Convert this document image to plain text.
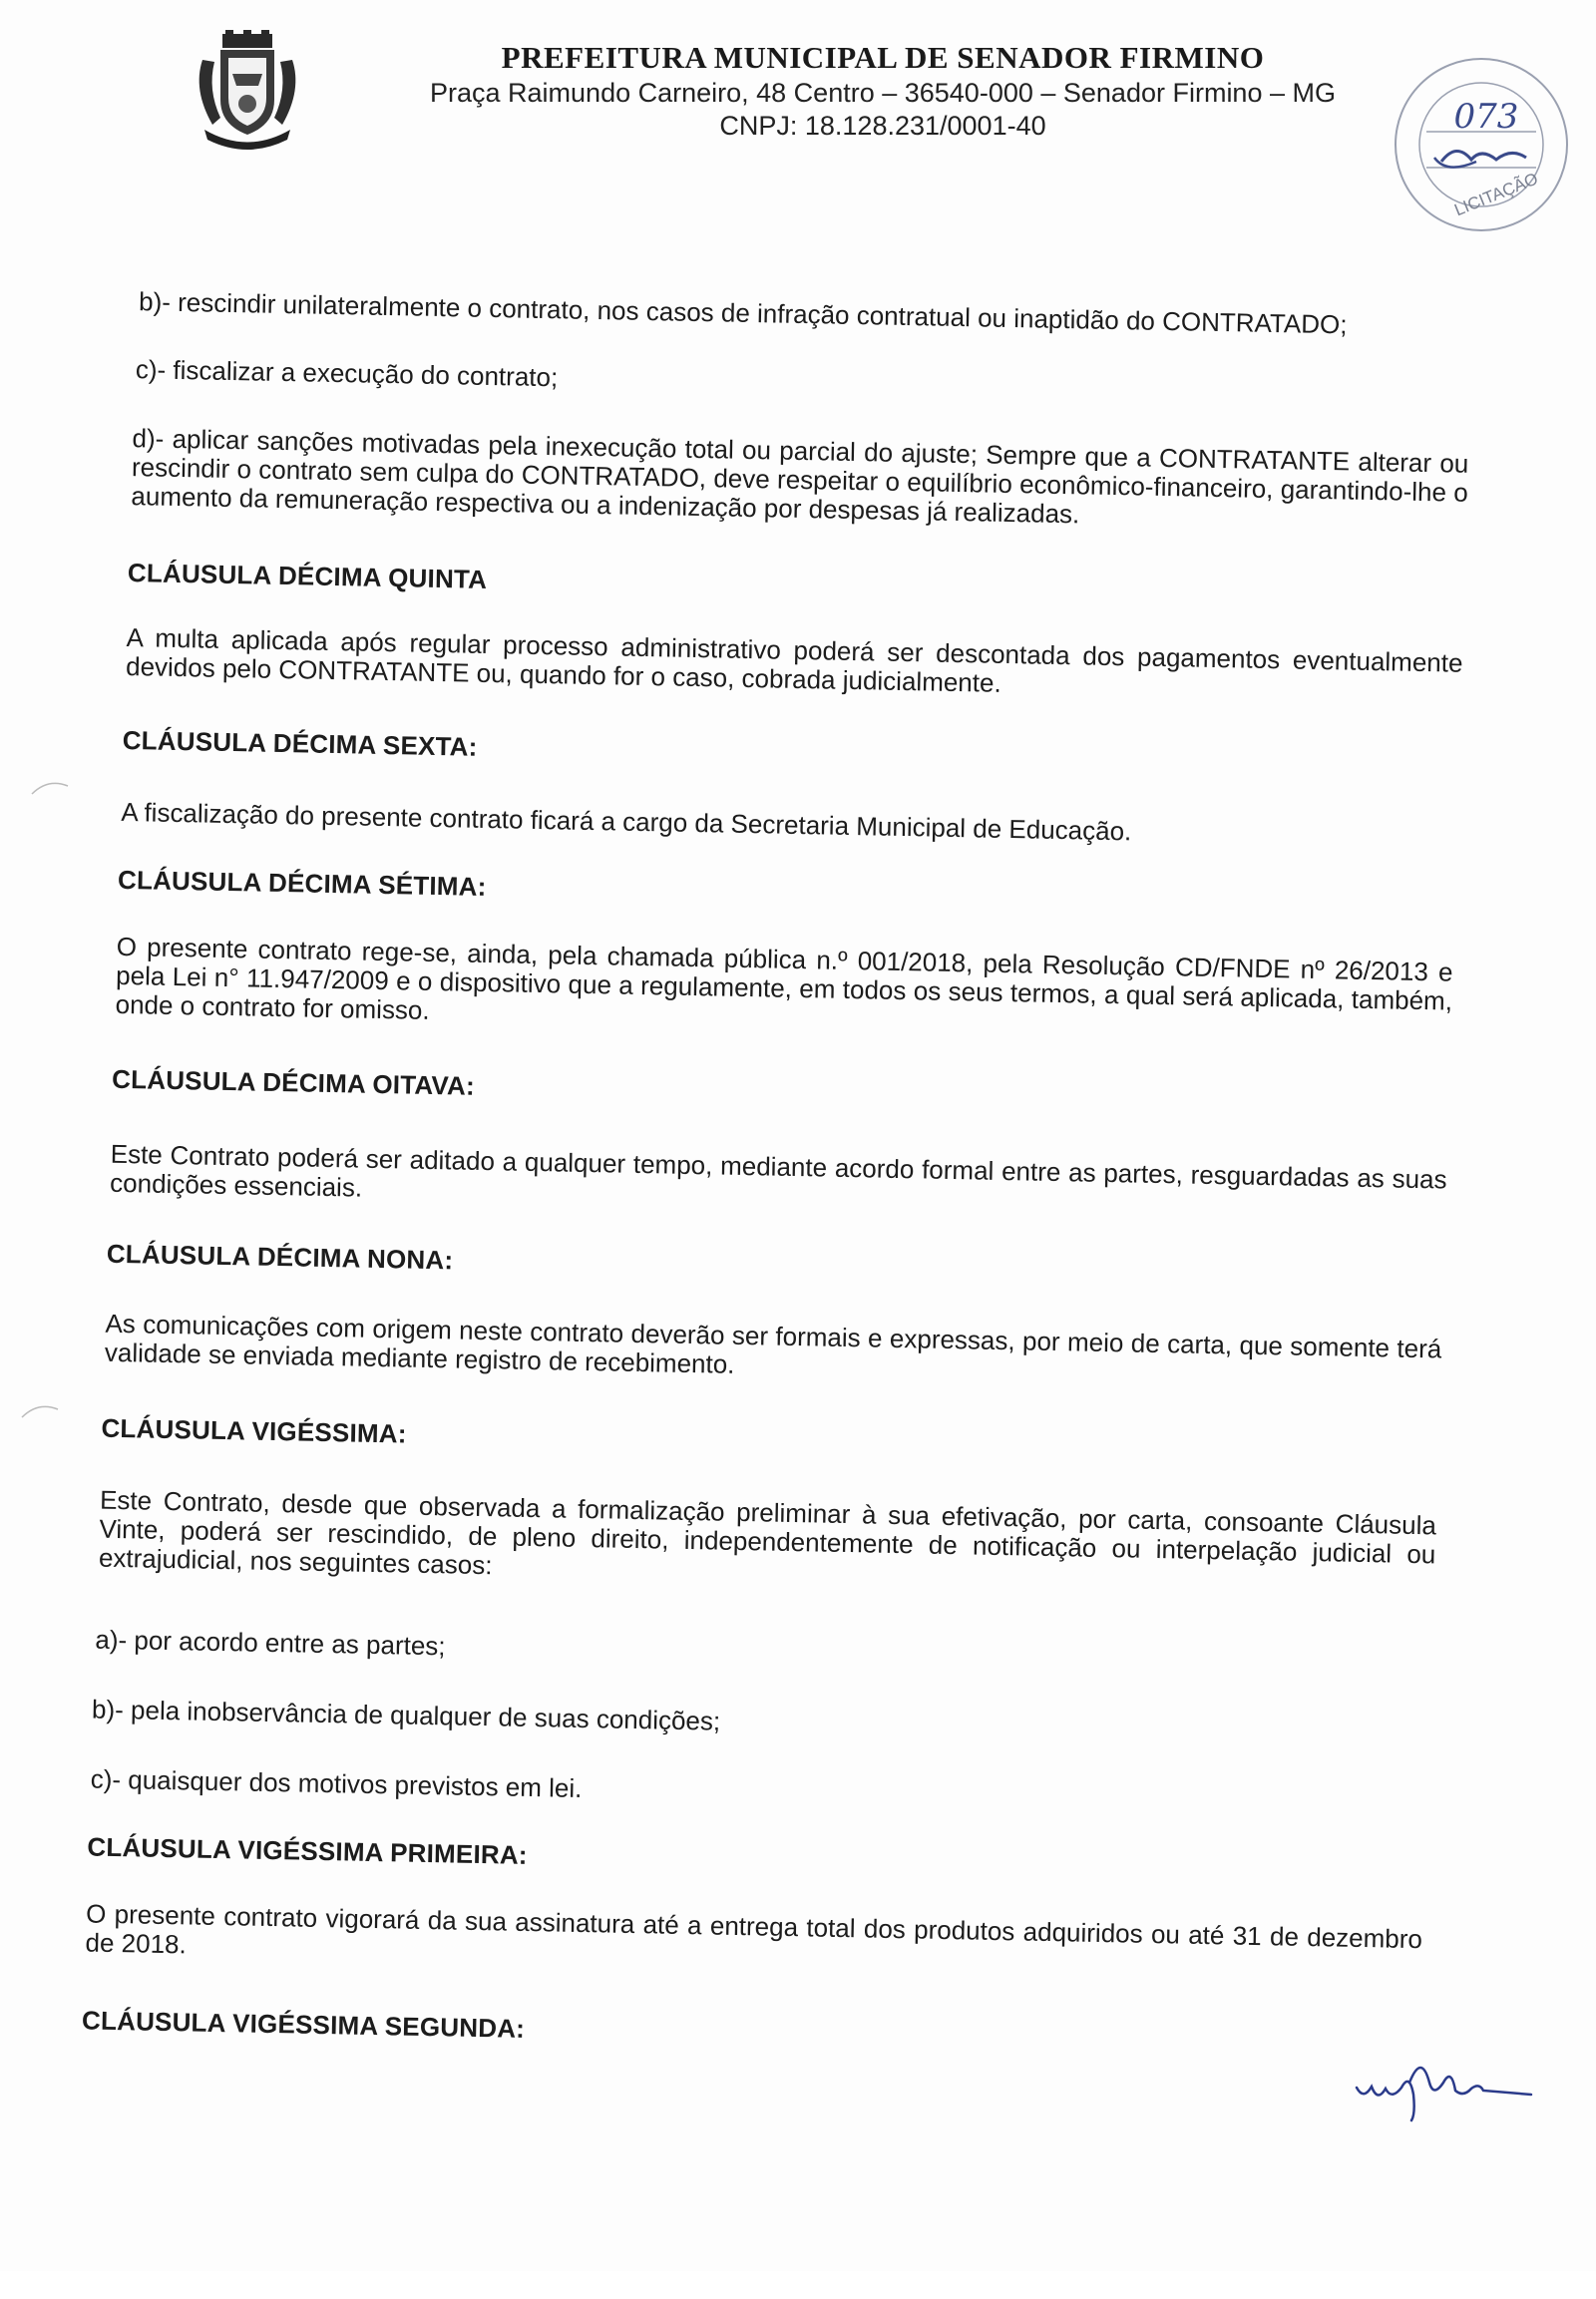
PREFEITURA MUNICIPAL DE SENADOR FIRMINO
Praça Raimundo Carneiro, 48 Centro – 36540-000 – Senador Firmino – MG
CNPJ: 18.128.231/0001-40	073
LICITAÇÃO
b)- rescindir unilateralmente o contrato, nos casos de infração contratual ou inaptidão do CONTRATADO;
c)- fiscalizar a execução do contrato;
d)- aplicar sanções motivadas pela inexecução total ou parcial do ajuste; Sempre que a CONTRATANTE alterar ou rescindir o contrato sem culpa do CONTRATADO, deve respeitar o equilíbrio econômico-financeiro, garantindo-lhe o aumento da remuneração respectiva ou a indenização por despesas já realizadas.
CLÁUSULA DÉCIMA QUINTA
A multa aplicada após regular processo administrativo poderá ser descontada dos pagamentos eventualmente devidos pelo CONTRATANTE ou, quando for o caso, cobrada judicialmente.
CLÁUSULA DÉCIMA SEXTA:
A fiscalização do presente contrato ficará a cargo da Secretaria Municipal de Educação.
CLÁUSULA DÉCIMA SÉTIMA:
O presente contrato rege-se, ainda, pela chamada pública n.º 001/2018, pela Resolução CD/FNDE nº 26/2013 e pela Lei n° 11.947/2009 e o dispositivo que a regulamente, em todos os seus termos, a qual será aplicada, também, onde o contrato for omisso.
CLÁUSULA DÉCIMA OITAVA:
Este Contrato poderá ser aditado a qualquer tempo, mediante acordo formal entre as partes, resguardadas as suas condições essenciais.
CLÁUSULA DÉCIMA NONA:
As comunicações com origem neste contrato deverão ser formais e expressas, por meio de carta, que somente terá validade se enviada mediante registro de recebimento.
CLÁUSULA VIGÉSSIMA:
Este Contrato, desde que observada a formalização preliminar à sua efetivação, por carta, consoante Cláusula Vinte, poderá ser rescindido, de pleno direito, independentemente de notificação ou interpelação judicial ou extrajudicial, nos seguintes casos:
a)- por acordo entre as partes;
b)- pela inobservância de qualquer de suas condições;
c)- quaisquer dos motivos previstos em lei.
CLÁUSULA VIGÉSSIMA PRIMEIRA:
O presente contrato vigorará da sua assinatura até a entrega total dos produtos adquiridos ou até 31 de dezembro de 2018.
CLÁUSULA VIGÉSSIMA SEGUNDA:
